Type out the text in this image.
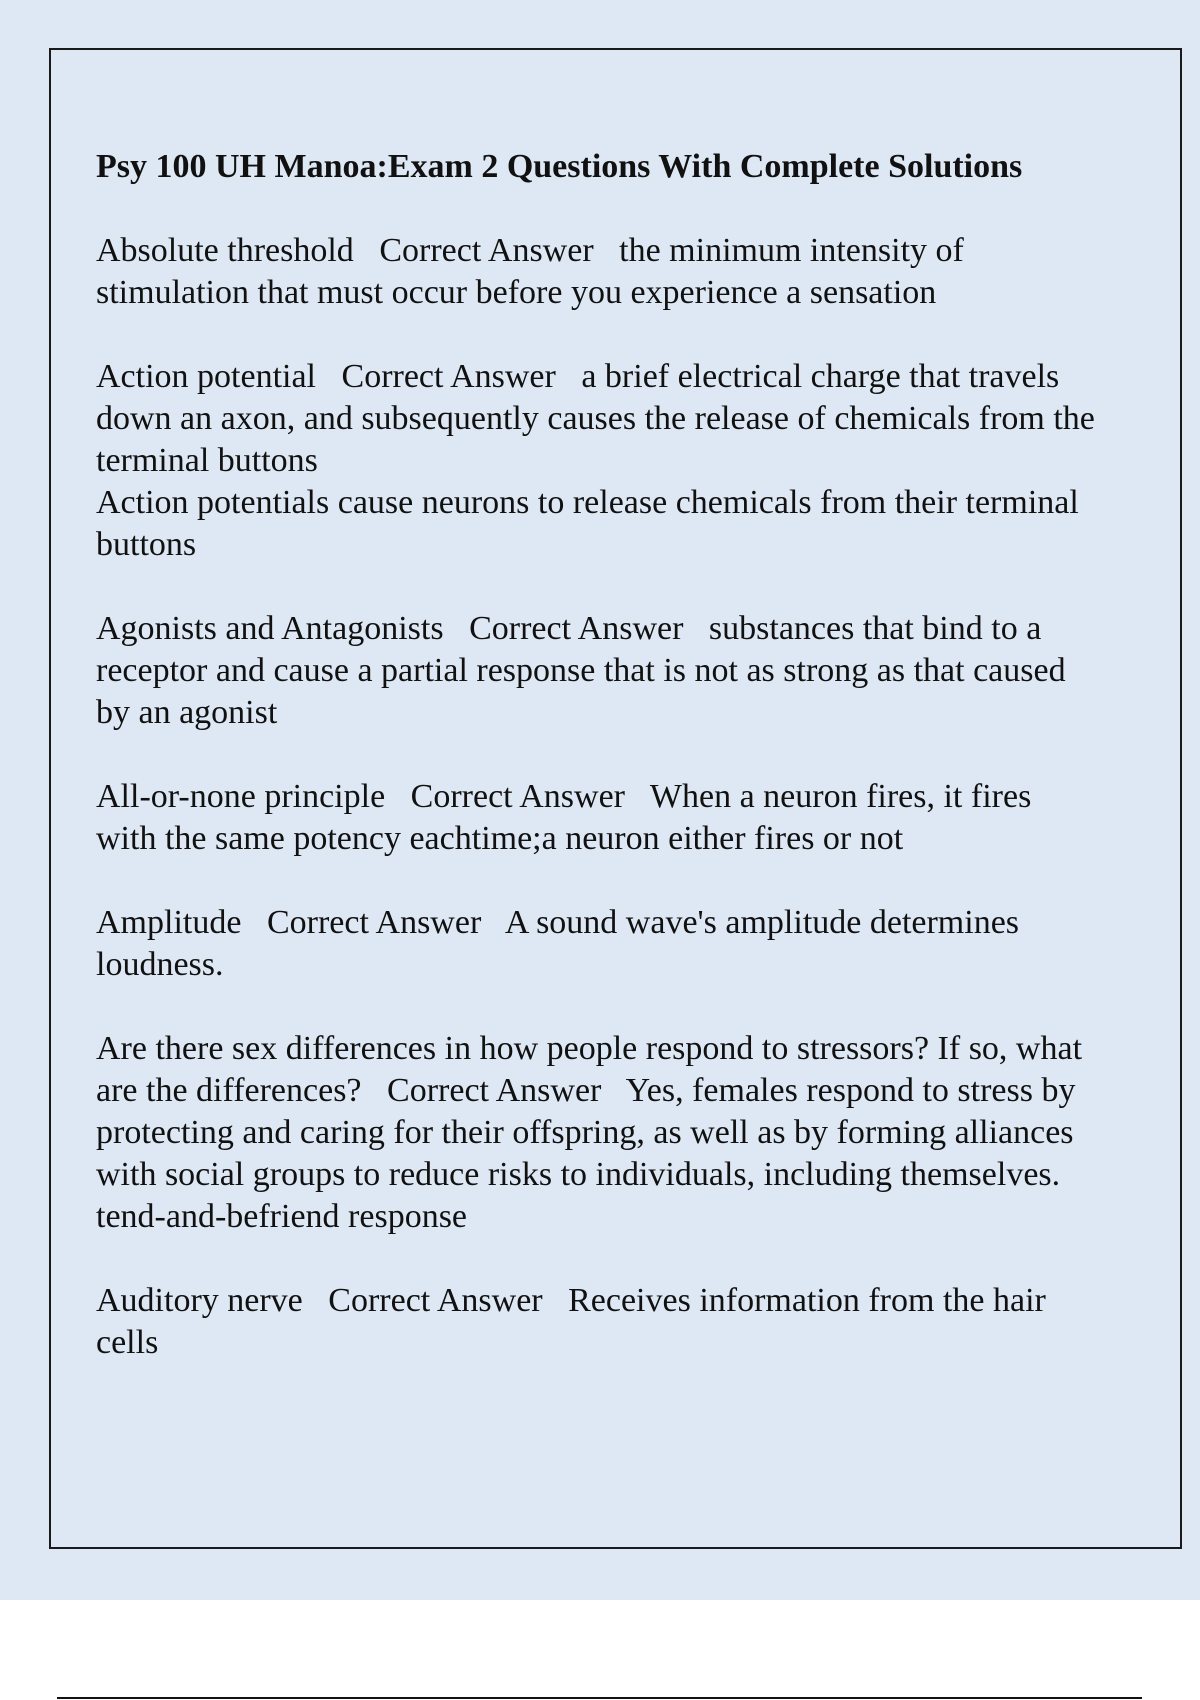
Psy 100 UH Manoa:Exam 2 Questions With Complete Solutions
Absolute threshold   Correct Answer   the minimum intensity of stimulation that must occur before you experience a sensation
Action potential   Correct Answer   a brief electrical charge that travels down an axon, and subsequently causes the release of chemicals from the terminal buttons
Action potentials cause neurons to release chemicals from their terminal buttons
Agonists and Antagonists   Correct Answer   substances that bind to a receptor and cause a partial response that is not as strong as that caused by an agonist
All-or-none principle   Correct Answer   When a neuron fires, it fires with the same potency eachtime;a neuron either fires or not
Amplitude   Correct Answer   A sound wave's amplitude determines loudness.
Are there sex differences in how people respond to stressors? If so, what are the differences?   Correct Answer   Yes, females respond to stress by protecting and caring for their offspring, as well as by forming alliances with social groups to reduce risks to individuals, including themselves. tend-and-befriend response
Auditory nerve   Correct Answer   Receives information from the hair cells
